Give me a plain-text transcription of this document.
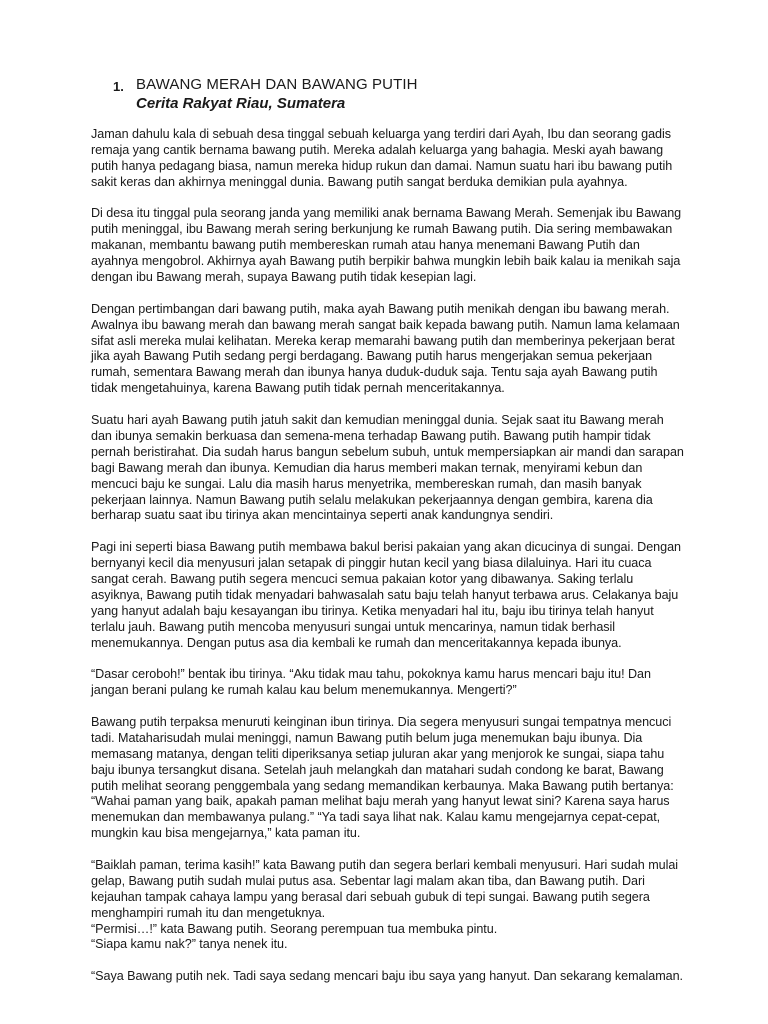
1. BAWANG MERAH DAN BAWANG PUTIH
Cerita Rakyat Riau, Sumatera

Jaman dahulu kala di sebuah desa tinggal sebuah keluarga yang terdiri dari Ayah, Ibu dan seorang gadis
remaja yang cantik bernama bawang putih. Mereka adalah keluarga yang bahagia. Meski ayah bawang
putih hanya pedagang biasa, namun mereka hidup rukun dan damai. Namun suatu hari ibu bawang putih
sakit keras dan akhirnya meninggal dunia. Bawang putih sangat berduka demikian pula ayahnya.

Di desa itu tinggal pula seorang janda yang memiliki anak bernama Bawang Merah. Semenjak ibu Bawang
putih meninggal, ibu Bawang merah sering berkunjung ke rumah Bawang putih. Dia sering membawakan
makanan, membantu bawang putih membereskan rumah atau hanya menemani Bawang Putih dan
ayahnya mengobrol. Akhirnya ayah Bawang putih berpikir bahwa mungkin lebih baik kalau ia menikah saja
dengan ibu Bawang merah, supaya Bawang putih tidak kesepian lagi.

Dengan pertimbangan dari bawang putih, maka ayah Bawang putih menikah dengan ibu bawang merah.
Awalnya ibu bawang merah dan bawang merah sangat baik kepada bawang putih. Namun lama kelamaan
sifat asli mereka mulai kelihatan. Mereka kerap memarahi bawang putih dan memberinya pekerjaan berat
jika ayah Bawang Putih sedang pergi berdagang. Bawang putih harus mengerjakan semua pekerjaan
rumah, sementara Bawang merah dan ibunya hanya duduk-duduk saja. Tentu saja ayah Bawang putih
tidak mengetahuinya, karena Bawang putih tidak pernah menceritakannya.

Suatu hari ayah Bawang putih jatuh sakit dan kemudian meninggal dunia. Sejak saat itu Bawang merah
dan ibunya semakin berkuasa dan semena-mena terhadap Bawang putih. Bawang putih hampir tidak
pernah beristirahat. Dia sudah harus bangun sebelum subuh, untuk mempersiapkan air mandi dan sarapan
bagi Bawang merah dan ibunya. Kemudian dia harus memberi makan ternak, menyirami kebun dan
mencuci baju ke sungai. Lalu dia masih harus menyetrika, membereskan rumah, dan masih banyak
pekerjaan lainnya. Namun Bawang putih selalu melakukan pekerjaannya dengan gembira, karena dia
berharap suatu saat ibu tirinya akan mencintainya seperti anak kandungnya sendiri.

Pagi ini seperti biasa Bawang putih membawa bakul berisi pakaian yang akan dicucinya di sungai. Dengan
bernyanyi kecil dia menyusuri jalan setapak di pinggir hutan kecil yang biasa dilaluinya. Hari itu cuaca
sangat cerah. Bawang putih segera mencuci semua pakaian kotor yang dibawanya. Saking terlalu
asyiknya, Bawang putih tidak menyadari bahwasalah satu baju telah hanyut terbawa arus. Celakanya baju
yang hanyut adalah baju kesayangan ibu tirinya. Ketika menyadari hal itu, baju ibu tirinya telah hanyut
terlalu jauh. Bawang putih mencoba menyusuri sungai untuk mencarinya, namun tidak berhasil
menemukannya. Dengan putus asa dia kembali ke rumah dan menceritakannya kepada ibunya.

“Dasar ceroboh!” bentak ibu tirinya. “Aku tidak mau tahu, pokoknya kamu harus mencari baju itu! Dan
jangan berani pulang ke rumah kalau kau belum menemukannya. Mengerti?”

Bawang putih terpaksa menuruti keinginan ibun tirinya. Dia segera menyusuri sungai tempatnya mencuci
tadi. Mataharisudah mulai meninggi, namun Bawang putih belum juga menemukan baju ibunya. Dia
memasang matanya, dengan teliti diperiksanya setiap juluran akar yang menjorok ke sungai, siapa tahu
baju ibunya tersangkut disana. Setelah jauh melangkah dan matahari sudah condong ke barat, Bawang
putih melihat seorang penggembala yang sedang memandikan kerbaunya. Maka Bawang putih bertanya:
“Wahai paman yang baik, apakah paman melihat baju merah yang hanyut lewat sini? Karena saya harus
menemukan dan membawanya pulang.” “Ya tadi saya lihat nak. Kalau kamu mengejarnya cepat-cepat,
mungkin kau bisa mengejarnya,” kata paman itu.

“Baiklah paman, terima kasih!” kata Bawang putih dan segera berlari kembali menyusuri. Hari sudah mulai
gelap, Bawang putih sudah mulai putus asa. Sebentar lagi malam akan tiba, dan Bawang putih. Dari
kejauhan tampak cahaya lampu yang berasal dari sebuah gubuk di tepi sungai. Bawang putih segera
menghampiri rumah itu dan mengetuknya.
“Permisi…!” kata Bawang putih. Seorang perempuan tua membuka pintu.
“Siapa kamu nak?” tanya nenek itu.

“Saya Bawang putih nek. Tadi saya sedang mencari baju ibu saya yang hanyut. Dan sekarang kemalaman.
